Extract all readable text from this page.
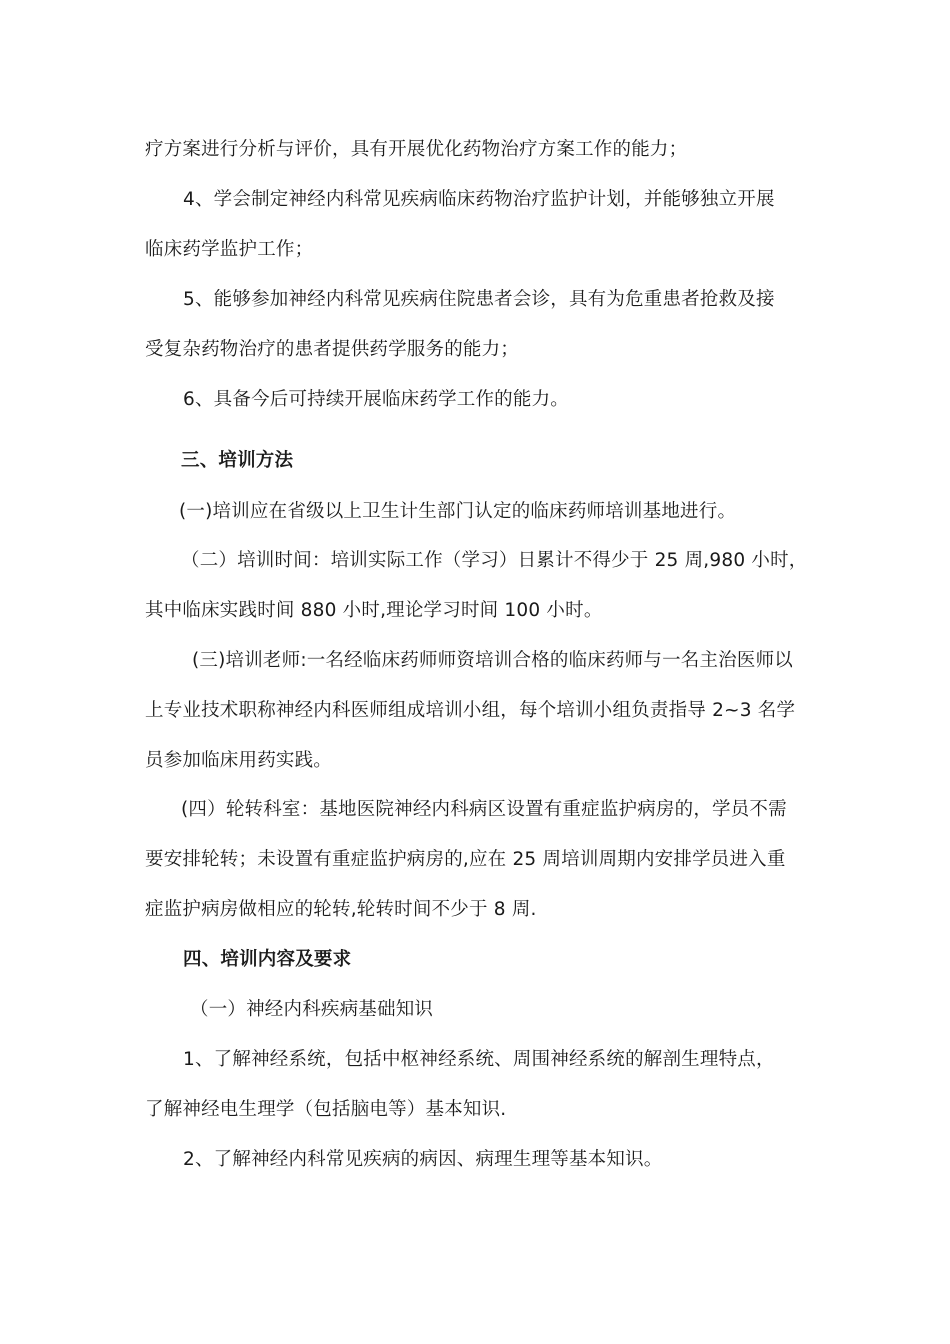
疗方案进行分析与评价，具有开展优化药物治疗方案工作的能力；
4、学会制定神经内科常见疾病临床药物治疗监护计划，并能够独立开展
临床药学监护工作；
5、能够参加神经内科常见疾病住院患者会诊，具有为危重患者抢救及接
受复杂药物治疗的患者提供药学服务的能力；
6、具备今后可持续开展临床药学工作的能力。
三、培训方法
(一)培训应在省级以上卫生计生部门认定的临床药师培训基地进行。
（二）培训时间：培训实际工作（学习）日累计不得少于 25 周,980 小时，
其中临床实践时间 880 小时,理论学习时间 100 小时。
(三)培训老师:一名经临床药师师资培训合格的临床药师与一名主治医师以
上专业技术职称神经内科医师组成培训小组，每个培训小组负责指导 2~3 名学
员参加临床用药实践。
(四）轮转科室：基地医院神经内科病区设置有重症监护病房的，学员不需
要安排轮转；未设置有重症监护病房的,应在 25 周培训周期内安排学员进入重
症监护病房做相应的轮转,轮转时间不少于 8 周.
四、培训内容及要求
（一）神经内科疾病基础知识
1、了解神经系统，包括中枢神经系统、周围神经系统的解剖生理特点，
了解神经电生理学（包括脑电等）基本知识.
2、了解神经内科常见疾病的病因、病理生理等基本知识。
